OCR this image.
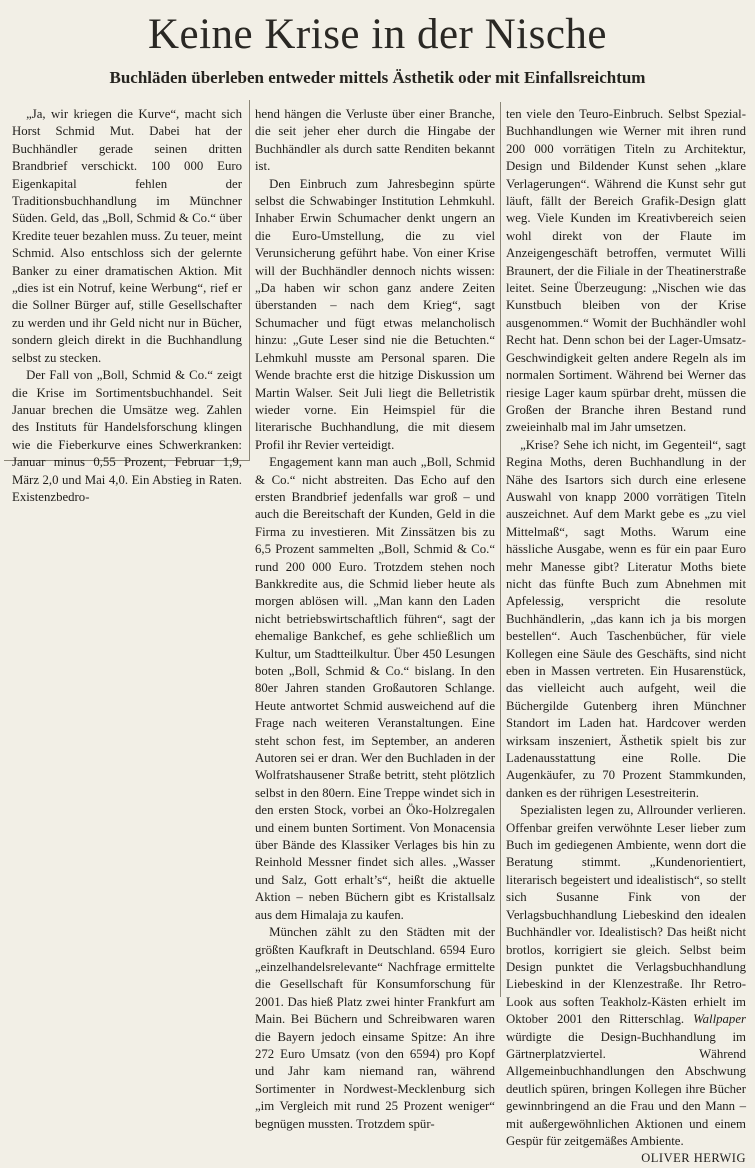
Keine Krise in der Nische
Buchläden überleben entweder mittels Ästhetik oder mit Einfallsreichtum

„Ja, wir kriegen die Kurve“, macht sich Horst Schmid Mut. Dabei hat der Buchhändler gerade seinen dritten Brandbrief verschickt. 100 000 Euro Eigenkapital fehlen der Traditionsbuchhandlung im Münchner Süden. Geld, das „Boll, Schmid & Co.“ über Kredite teuer bezahlen muss. Zu teuer, meint Schmid. Also entschloss sich der gelernte Banker zu einer dramatischen Aktion. Mit „dies ist ein Notruf, keine Werbung“, rief er die Sollner Bürger auf, stille Gesellschafter zu werden und ihr Geld nicht nur in Bücher, sondern gleich direkt in die Buchhandlung selbst zu stecken.

Der Fall von „Boll, Schmid & Co.“ zeigt die Krise im Sortimentsbuchhandel. Seit Januar brechen die Umsätze weg. Zahlen des Instituts für Handelsforschung klingen wie die Fieberkurve eines Schwerkranken: Januar minus 0,55 Prozent, Februar 1,9, März 2,0 und Mai 4,0. Ein Abstieg in Raten. Existenzbedro-

hend hängen die Verluste über einer Branche, die seit jeher eher durch die Hingabe der Buchhändler als durch satte Renditen bekannt ist.

Den Einbruch zum Jahresbeginn spürte selbst die Schwabinger Institution Lehmkuhl. Inhaber Erwin Schumacher denkt ungern an die Euro-Umstellung, die zu viel Verunsicherung geführt habe. Von einer Krise will der Buchhändler dennoch nichts wissen: „Da haben wir schon ganz andere Zeiten überstanden – nach dem Krieg“, sagt Schumacher und fügt etwas melancholisch hinzu: „Gute Leser sind nie die Betuchten.“ Lehmkuhl musste am Personal sparen. Die Wende brachte erst die hitzige Diskussion um Martin Walser. Seit Juli liegt die Belletristik wieder vorne. Ein Heimspiel für die literarische Buchhandlung, die mit diesem Profil ihr Revier verteidigt.

Engagement kann man auch „Boll, Schmid & Co.“ nicht abstreiten. Das Echo auf den ersten Brandbrief jedenfalls war groß – und auch die Bereitschaft der Kunden, Geld in die Firma zu investieren. Mit Zinssätzen bis zu 6,5 Prozent sammelten „Boll, Schmid & Co.“ rund 200 000 Euro. Trotzdem stehen noch Bankkredite aus, die Schmid lieber heute als morgen ablösen will. „Man kann den Laden nicht betriebswirtschaftlich führen“, sagt der ehemalige Bankchef, es gehe schließlich um Kultur, um Stadtteilkultur. Über 450 Lesungen boten „Boll, Schmid & Co.“ bislang. In den 80er Jahren standen Großautoren Schlange. Heute antwortet Schmid ausweichend auf die Frage nach weiteren Veranstaltungen. Eine steht schon fest, im September, an anderen Autoren sei er dran. Wer den Buchladen in der Wolfratshausener Straße betritt, steht plötzlich selbst in den 80ern. Eine Treppe windet sich in den ersten Stock, vorbei an Öko-Holzregalen und einem bunten Sortiment. Von Monacensia über Bände des Klassiker Verlages bis hin zu Reinhold Messner findet sich alles. „Wasser und Salz, Gott erhalt’s“, heißt die aktuelle Aktion – neben Büchern gibt es Kristallsalz aus dem Himalaja zu kaufen.

München zählt zu den Städten mit der größten Kaufkraft in Deutschland. 6594 Euro „einzelhandelsrelevante“ Nachfrage ermittelte die Gesellschaft für Konsumforschung für 2001. Das hieß Platz zwei hinter Frankfurt am Main. Bei Büchern und Schreibwaren waren die Bayern jedoch einsame Spitze: An ihre 272 Euro Umsatz (von den 6594) pro Kopf und Jahr kam niemand ran, während Sortimenter in Nordwest-Mecklenburg sich „im Vergleich mit rund 25 Prozent weniger“ begnügen mussten. Trotzdem spür-

ten viele den Teuro-Einbruch. Selbst Spezial-Buchhandlungen wie Werner mit ihren rund 200 000 vorrätigen Titeln zu Architektur, Design und Bildender Kunst sehen „klare Verlagerungen“. Während die Kunst sehr gut läuft, fällt der Bereich Grafik-Design glatt weg. Viele Kunden im Kreativbereich seien wohl direkt von der Flaute im Anzeigengeschäft betroffen, vermutet Willi Braunert, der die Filiale in der Theatinerstraße leitet. Seine Überzeugung: „Nischen wie das Kunstbuch bleiben von der Krise ausgenommen.“ Womit der Buchhändler wohl Recht hat. Denn schon bei der Lager-Umsatz-Geschwindigkeit gelten andere Regeln als im normalen Sortiment. Während bei Werner das riesige Lager kaum spürbar dreht, müssen die Großen der Branche ihren Bestand rund zweieinhalb mal im Jahr umsetzen.

„Krise? Sehe ich nicht, im Gegenteil“, sagt Regina Moths, deren Buchhandlung in der Nähe des Isartors sich durch eine erlesene Auswahl von knapp 2000 vorrätigen Titeln auszeichnet. Auf dem Markt gebe es „zu viel Mittelmaß“, sagt Moths. Warum eine hässliche Ausgabe, wenn es für ein paar Euro mehr Manesse gibt? Literatur Moths biete nicht das fünfte Buch zum Abnehmen mit Apfelessig, verspricht die resolute Buchhändlerin, „das kann ich ja bis morgen bestellen“. Auch Taschenbücher, für viele Kollegen eine Säule des Geschäfts, sind nicht eben in Massen vertreten. Ein Husarenstück, das vielleicht auch aufgeht, weil die Büchergilde Gutenberg ihren Münchner Standort im Laden hat. Hardcover werden wirksam inszeniert, Ästhetik spielt bis zur Ladenausstattung eine Rolle. Die Augenkäufer, zu 70 Prozent Stammkunden, danken es der rührigen Lesestreiterin.

Spezialisten legen zu, Allrounder verlieren. Offenbar greifen verwöhnte Leser lieber zum Buch im gediegenen Ambiente, wenn dort die Beratung stimmt. „Kundenorientiert, literarisch begeistert und idealistisch“, so stellt sich Susanne Fink von der Verlagsbuchhandlung Liebeskind den idealen Buchhändler vor. Idealistisch? Das heißt nicht brotlos, korrigiert sie gleich. Selbst beim Design punktet die Verlagsbuchhandlung Liebeskind in der Klenzestraße. Ihr Retro-Look aus soften Teakholz-Kästen erhielt im Oktober 2001 den Ritterschlag. Wallpaper würdigte die Design-Buchhandlung im Gärtnerplatzviertel. Während Allgemeinbuchhandlungen den Abschwung deutlich spüren, bringen Kollegen ihre Bücher gewinnbringend an die Frau und den Mann – mit außergewöhnlichen Aktionen und einem Gespür für zeitgemäßes Ambiente.
OLIVER HERWIG
